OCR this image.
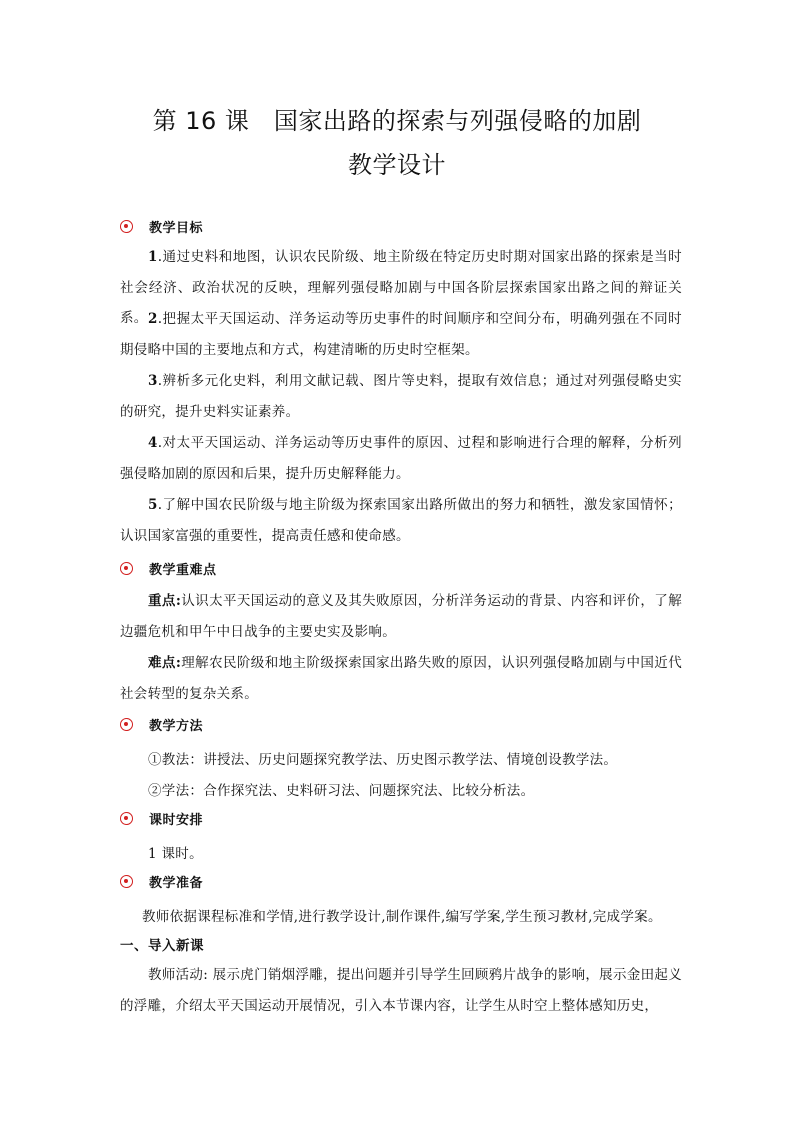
第 16 课　国家出路的探索与列强侵略的加剧
教学设计
教学目标
1.通过史料和地图，认识农民阶级、地主阶级在特定历史时期对国家出路的探索是当时社会经济、政治状况的反映，理解列强侵略加剧与中国各阶层探索国家出路之间的辩证关系。 2.把握太平天国运动、洋务运动等历史事件的时间顺序和空间分布，明确列强在不同时期侵略中国的主要地点和方式，构建清晰的历史时空框架。
3.辨析多元化史料，利用文献记载、图片等史料，提取有效信息；通过对列强侵略史实的研究，提升史料实证素养。
4.对太平天国运动、洋务运动等历史事件的原因、过程和影响进行合理的解释，分析列强侵略加剧的原因和后果，提升历史解释能力。
5.了解中国农民阶级与地主阶级为探索国家出路所做出的努力和牺牲，激发家国情怀；认识国家富强的重要性，提高责任感和使命感。
教学重难点
重点:认识太平天国运动的意义及其失败原因，分析洋务运动的背景、内容和评价，了解边疆危机和甲午中日战争的主要史实及影响。
难点:理解农民阶级和地主阶级探索国家出路失败的原因，认识列强侵略加剧与中国近代社会转型的复杂关系。
教学方法
①教法：讲授法、历史问题探究教学法、历史图示教学法、情境创设教学法。
②学法：合作探究法、史料研习法、问题探究法、比较分析法。
课时安排
1 课时。
教学准备
教师依据课程标准和学情,进行教学设计,制作课件,编写学案,学生预习教材,完成学案。
一、导入新课
教师活动: 展示虎门销烟浮雕，提出问题并引导学生回顾鸦片战争的影响，展示金田起义的浮雕，介绍太平天国运动开展情况，引入本节课内容，让学生从时空上整体感知历史，
